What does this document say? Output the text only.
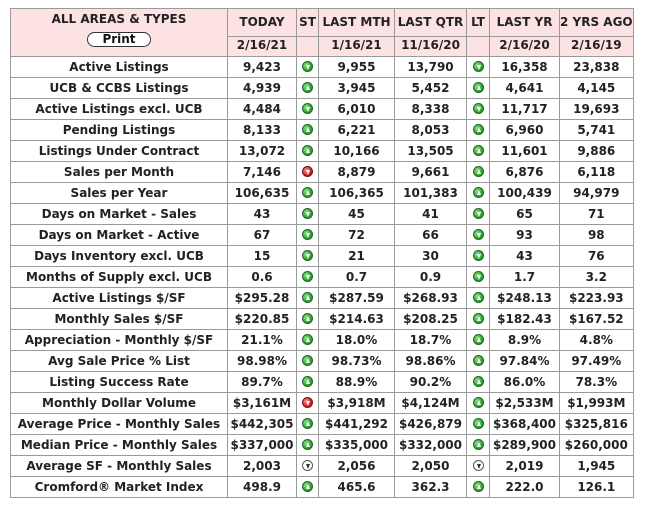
ALL AREAS & TYPES
Print	TODAY	ST	LAST MTH	LAST QTR	LT	LAST YR	2 YRS AGO
	2/16/21		1/16/21	11/16/20		2/16/20	2/16/19
Active Listings	9,423		9,955	13,790		16,358	23,838
UCB & CCBS Listings	4,939		3,945	5,452		4,641	4,145
Active Listings excl. UCB	4,484		6,010	8,338		11,717	19,693
Pending Listings	8,133		6,221	8,053		6,960	5,741
Listings Under Contract	13,072		10,166	13,505		11,601	9,886
Sales per Month	7,146		8,879	9,661		6,876	6,118
Sales per Year	106,635		106,365	101,383		100,439	94,979
Days on Market - Sales	43		45	41		65	71
Days on Market - Active	67		72	66		93	98
Days Inventory excl. UCB	15		21	30		43	76
Months of Supply excl. UCB	0.6		0.7	0.9		1.7	3.2
Active Listings $/SF	$295.28		$287.59	$268.93		$248.13	$223.93
Monthly Sales $/SF	$220.85		$214.63	$208.25		$182.43	$167.52
Appreciation - Monthly $/SF	21.1%		18.0%	18.7%		8.9%	4.8%
Avg Sale Price % List	98.98%		98.73%	98.86%		97.84%	97.49%
Listing Success Rate	89.7%		88.9%	90.2%		86.0%	78.3%
Monthly Dollar Volume	$3,161M		$3,918M	$4,124M		$2,533M	$1,993M
Average Price - Monthly Sales	$442,305		$441,292	$426,879		$368,400	$325,816
Median Price - Monthly Sales	$337,000		$335,000	$332,000		$289,900	$260,000
Average SF - Monthly Sales	2,003		2,056	2,050		2,019	1,945
Cromford® Market Index	498.9		465.6	362.3		222.0	126.1
